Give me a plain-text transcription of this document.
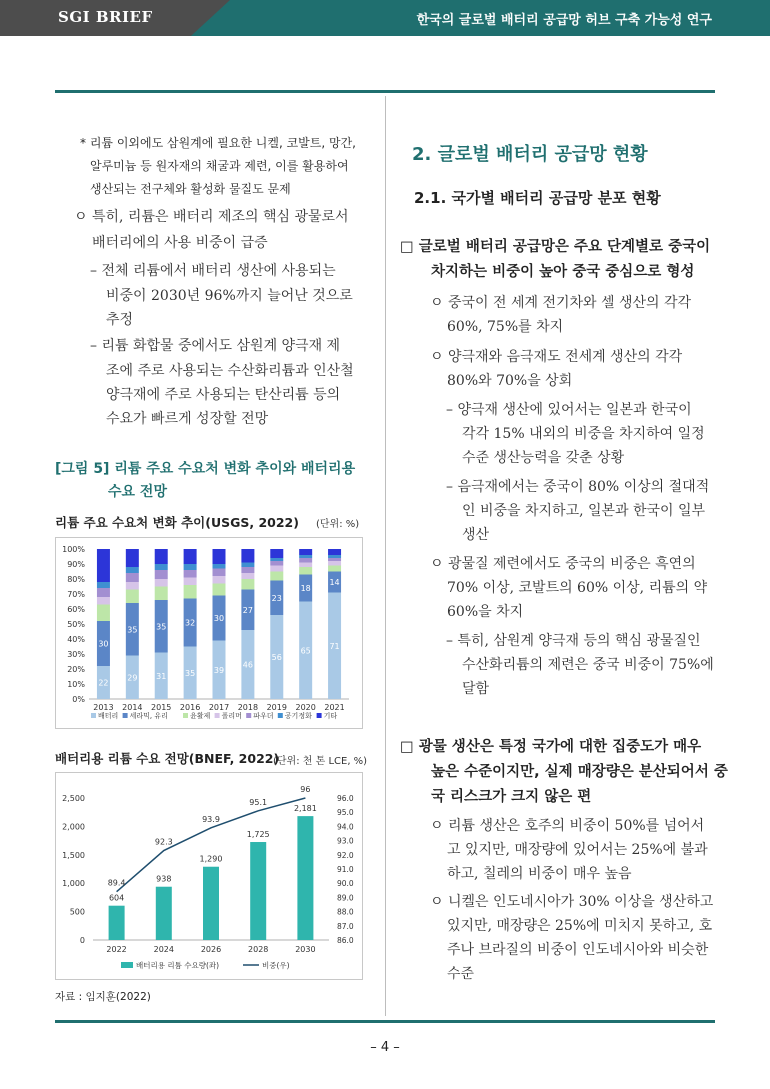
SGI BRIEF	한국의 글로벌 배터리 공급망 허브 구축 가능성 연구
* 리튬 이외에도 삼원계에 필요한 니켈, 코발트, 망간,
알루미늄 등 원자재의 채굴과 제련, 이를 활용하여
생산되는 전구체와 활성화 물질도 문제
ㅇ 특히, 리튬은 배터리 제조의 핵심 광물로서
배터리에의 사용 비중이 급증
– 전체 리튬에서 배터리 생산에 사용되는
비중이 2030년 96%까지 늘어난 것으로
추정
– 리튬 화합물 중에서도 삼원계 양극재 제
조에 주로 사용되는 수산화리튬과 인산철
양극재에 주로 사용되는 탄산리튬 등의
수요가 빠르게 성장할 전망
[그림 5] 리튬 주요 수요처 변화 추이와 배터리용
수요 전망
리튬 주요 수요처 변화 추이(USGS, 2022) (단위: %)
0%
10%
20%
30%
40%
50%
60%
70%
80%
90%
100%
22
30
2013
29
35
2014
31
35
2015
35
32
2016
39
30
2017
46
27
2018
56
23
2019
65
18
2020
71
14
2021
배터리 세라믹, 유리	윤활제 폴리머 파우더 공기정화 기타
배터리용 리튬 수요 전망(BNEF, 2022)
(단위: 천 톤 LCE, %)
0
500
1,000
1,500
2,000
2,500
86.0
87.0
88.0
89.0
90.0
91.0
92.0
93.0
94.0
95.0
96.0
604
2022
938
2024
1,290
2026
1,725
2028
2,181
2030
89.4
92.3
93.9
95.1
96
배터리용 리튬 수요량(좌)	비중(우)
자료 : 임지훈(2022)
2. 글로벌 배터리 공급망 현황
2.1. 국가별 배터리 공급망 분포 현황
□ 글로벌 배터리 공급망은 주요 단계별로 중국이
차지하는 비중이 높아 중국 중심으로 형성
ㅇ 중국이 전 세계 전기차와 셀 생산의 각각
60%, 75%를 차지
ㅇ 양극재와 음극재도 전세계 생산의 각각
80%와 70%을 상회
– 양극재 생산에 있어서는 일본과 한국이
각각 15% 내외의 비중을 차지하여 일정
수준 생산능력을 갖춘 상황
– 음극재에서는 중국이 80% 이상의 절대적
인 비중을 차지하고, 일본과 한국이 일부
생산
ㅇ 광물질 제련에서도 중국의 비중은 흑연의
70% 이상, 코발트의 60% 이상, 리튬의 약
60%을 차지
– 특히, 삼원계 양극재 등의 핵심 광물질인
수산화리튬의 제련은 중국 비중이 75%에
달함
□ 광물 생산은 특정 국가에 대한 집중도가 매우
높은 수준이지만, 실제 매장량은 분산되어서 중
국 리스크가 크지 않은 편
ㅇ 리튬 생산은 호주의 비중이 50%를 넘어서
고 있지만, 매장량에 있어서는 25%에 불과
하고, 칠레의 비중이 매우 높음
ㅇ 니켈은 인도네시아가 30% 이상을 생산하고
있지만, 매장량은 25%에 미치지 못하고, 호
주나 브라질의 비중이 인도네시아와 비슷한
수준
– 4 –
